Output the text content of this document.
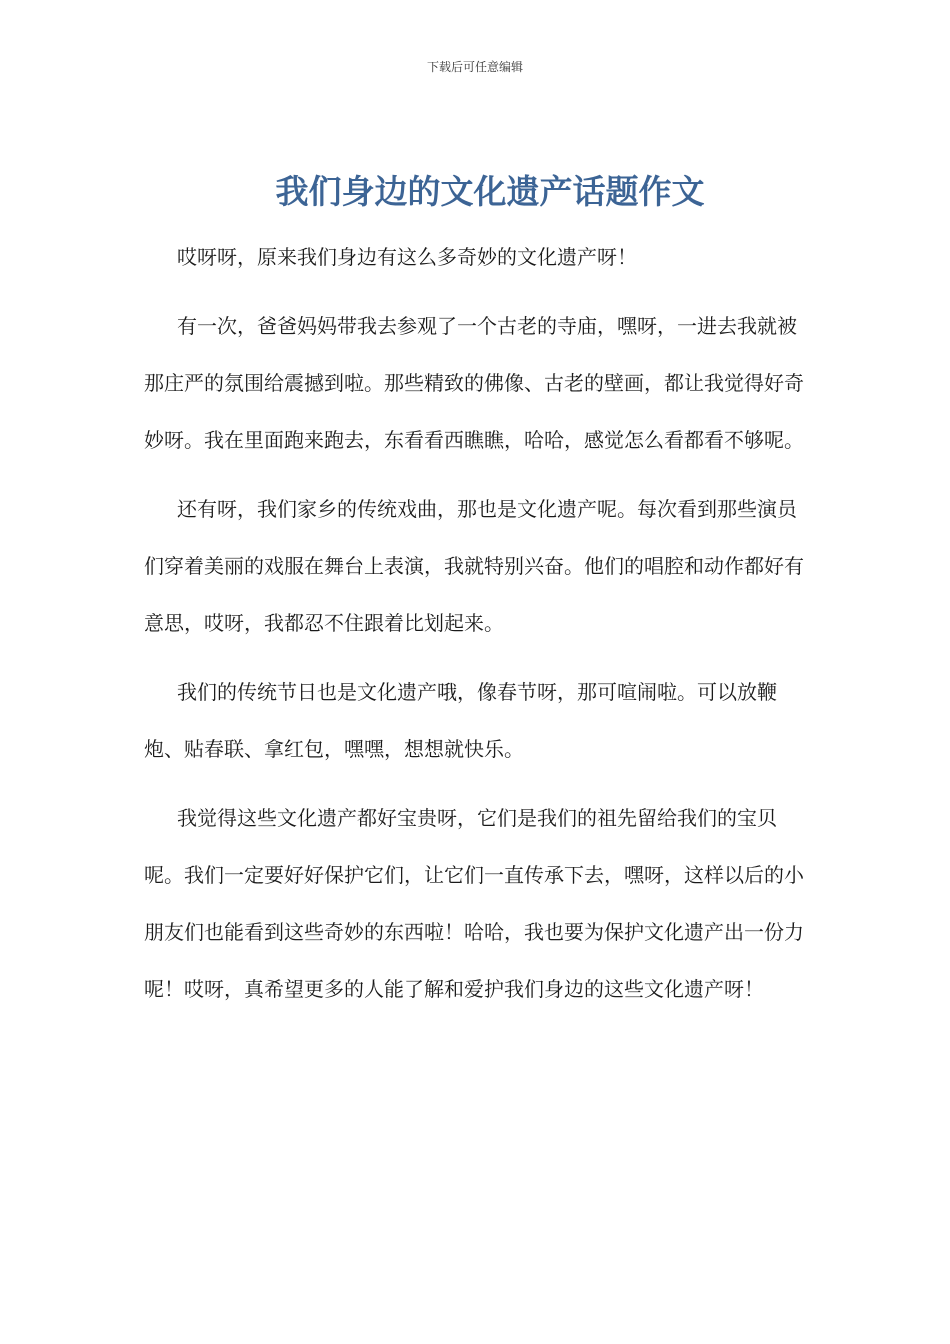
下载后可任意编辑
我们身边的文化遗产话题作文

哎呀呀，原来我们身边有这么多奇妙的文化遗产呀！

有一次，爸爸妈妈带我去参观了一个古老的寺庙，嘿呀，一进去我就被那庄严的氛围给震撼到啦。那些精致的佛像、古老的壁画，都让我觉得好奇妙呀。我在里面跑来跑去，东看看西瞧瞧，哈哈，感觉怎么看都看不够呢。

还有呀，我们家乡的传统戏曲，那也是文化遗产呢。每次看到那些演员们穿着美丽的戏服在舞台上表演，我就特别兴奋。他们的唱腔和动作都好有意思，哎呀，我都忍不住跟着比划起来。

我们的传统节日也是文化遗产哦，像春节呀，那可喧闹啦。可以放鞭炮、贴春联、拿红包，嘿嘿，想想就快乐。

我觉得这些文化遗产都好宝贵呀，它们是我们的祖先留给我们的宝贝呢。我们一定要好好保护它们，让它们一直传承下去，嘿呀，这样以后的小朋友们也能看到这些奇妙的东西啦！哈哈，我也要为保护文化遗产出一份力呢！哎呀，真希望更多的人能了解和爱护我们身边的这些文化遗产呀！
